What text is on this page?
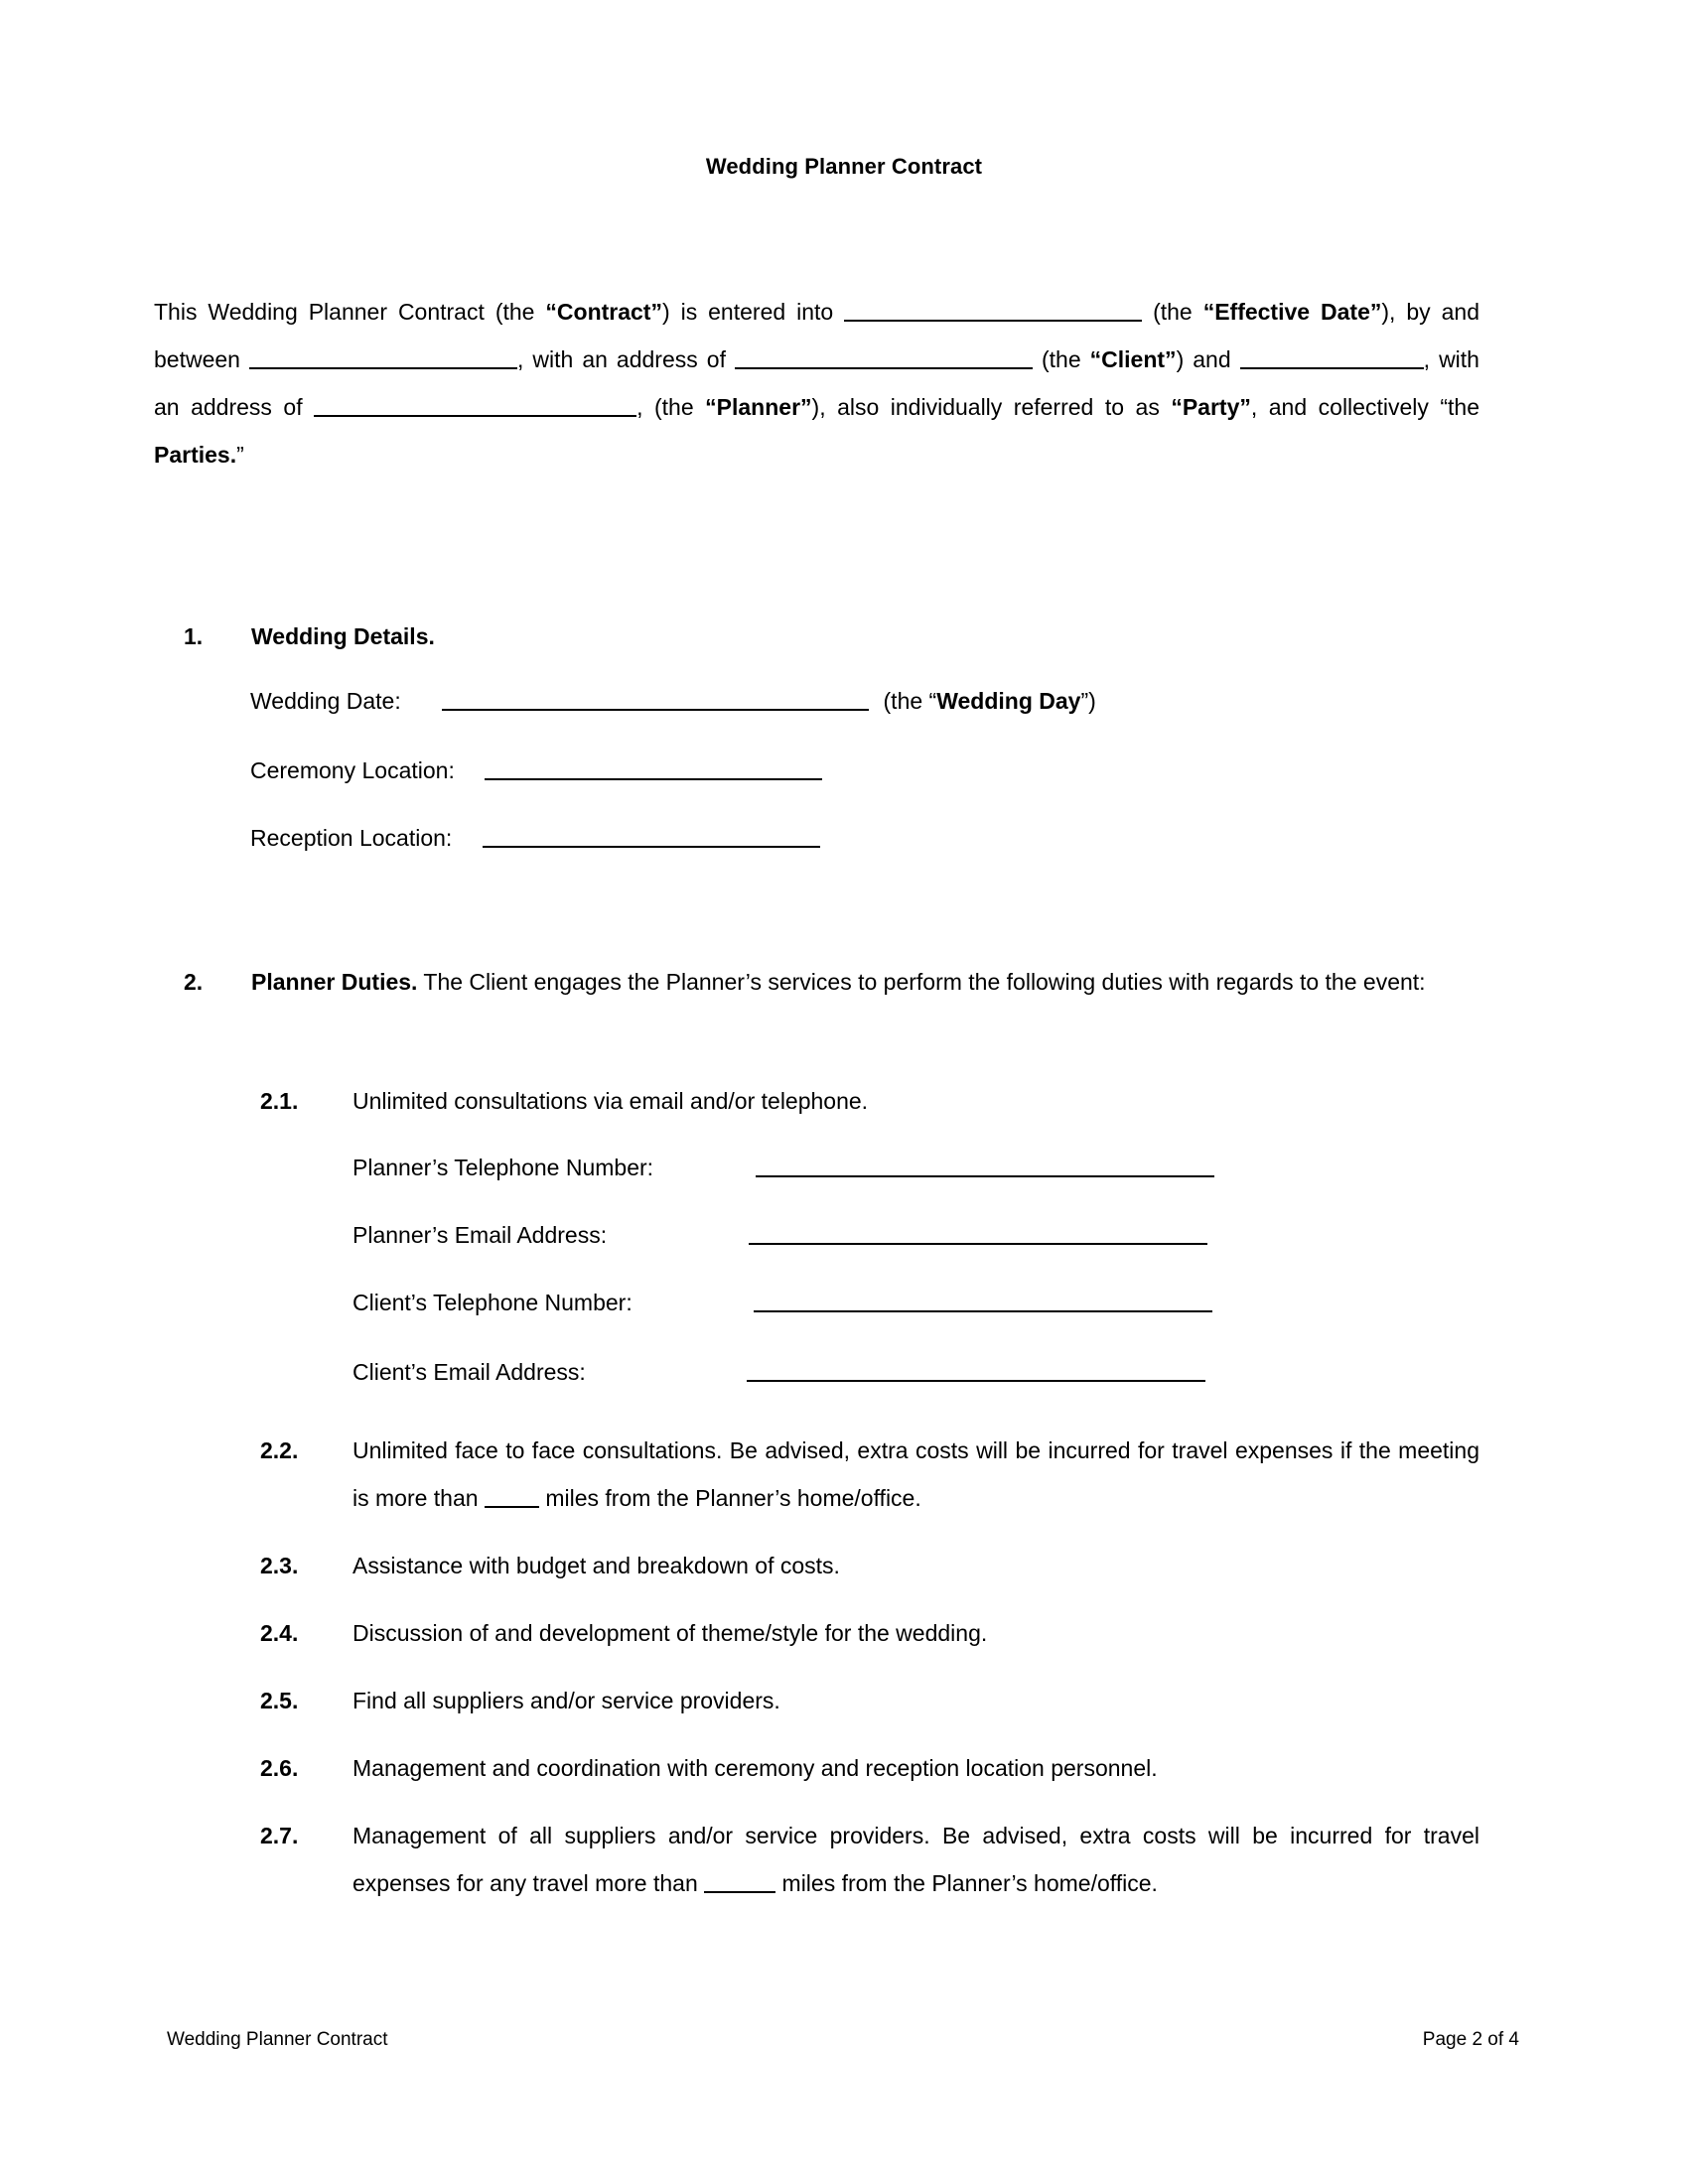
Wedding Planner Contract

This Wedding Planner Contract (the “Contract”) is entered into	(the “Effective Date”), by and between	, with an address of	(the “Client”) and	, with an address of	, (the “Planner”), also individually referred to as “Party”, and collectively “the Parties.”

1.	Wedding Details.
Wedding Date:	(the “Wedding Day”)
Ceremony Location:
Reception Location:
2.	Planner Duties. The Client engages the Planner’s services to perform the following duties with regards to the event:
2.1.	Unlimited consultations via email and/or telephone.
Planner’s Telephone Number:
Planner’s Email Address:
Client’s Telephone Number:
Client’s Email Address:
2.2.	Unlimited face to face consultations. Be advised, extra costs will be incurred for travel expenses if the meeting is more than  miles from the Planner’s home/office.
2.3.	Assistance with budget and breakdown of costs.
2.4.	Discussion of and development of theme/style for the wedding.
2.5.	Find all suppliers and/or service providers.
2.6.	Management and coordination with ceremony and reception location personnel.
2.7.	Management of all suppliers and/or service providers. Be advised, extra costs will be incurred for travel expenses for any travel more than	miles from the Planner’s home/office.
Wedding Planner Contract	Page 2 of 4
